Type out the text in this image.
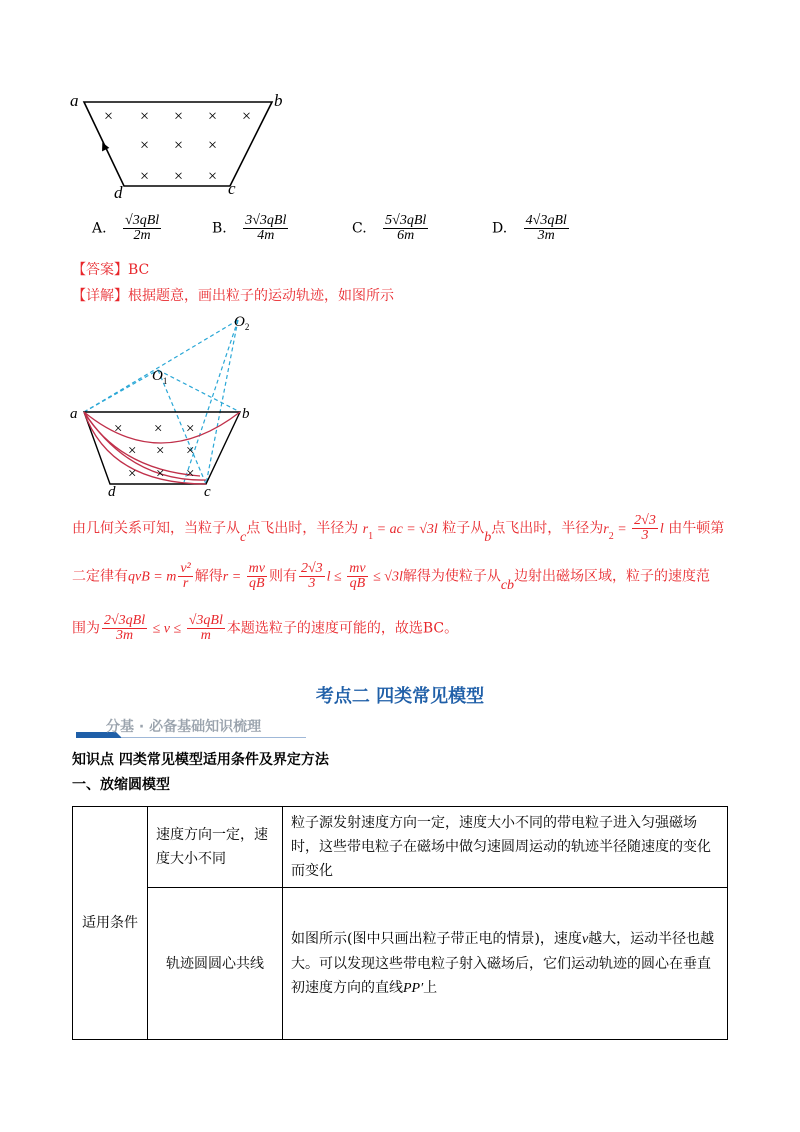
× × × × ×
× × ×
× × ×
a	b
c
d
A. $\frac{\text{√3qBl}}{2m}$	B. $\frac{\text{3√3qBl}}{4m}$	C. $\frac{\text{5√3qBl}}{6m}$	D. $\frac{\text{4√3qBl}}{3m}$
【答案】BC
【详解】根据题意，画出粒子的运动轨迹，如图所示
× × ×
× × ×
× × ×
$O_2$
$O_1$
a	b
c
d
由几何关系可知，当粒子从c点飞出时，半径为 $r_1$ = ac = √3l 粒子从b点飞出时，半径为$r_2 = \frac{2√3}{3}$ l 由牛顿第
二定律有qvB = m $\frac{\text{v²}}{r}$ 解得$r = \frac{mv}{qB}$ 则有 $\frac{2√3}{3}$ $l \le \frac{mv}{qB} \le √3l$解得为使粒子从cb边射出磁场区域，粒子的速度范
围为 $\frac{\text{2√3qBl}}{3m} \le v \le \frac{\text{√3qBl}}{m}$ 本题选粒子的速度可能的，故选BC。
考点二 四类常见模型
分基 · 必备基础知识梳理
知识点 四类常见模型适用条件及界定方法
一、放缩圆模型
适用条件	速度方向一定，速度大小不同	粒子源发射速度方向一定，速度大小不同的带电粒子进入匀强磁场时，这些带电粒子在磁场中做匀速圆周运动的轨迹半径随速度的变化而变化
	轨迹圆圆心共线	如图所示(图中只画出粒子带正电的情景)，速度v越大，运动半径也越大。可以发现这些带电粒子射入磁场后，它们运动轨迹的圆心在垂直初速度方向的直线PP′上
